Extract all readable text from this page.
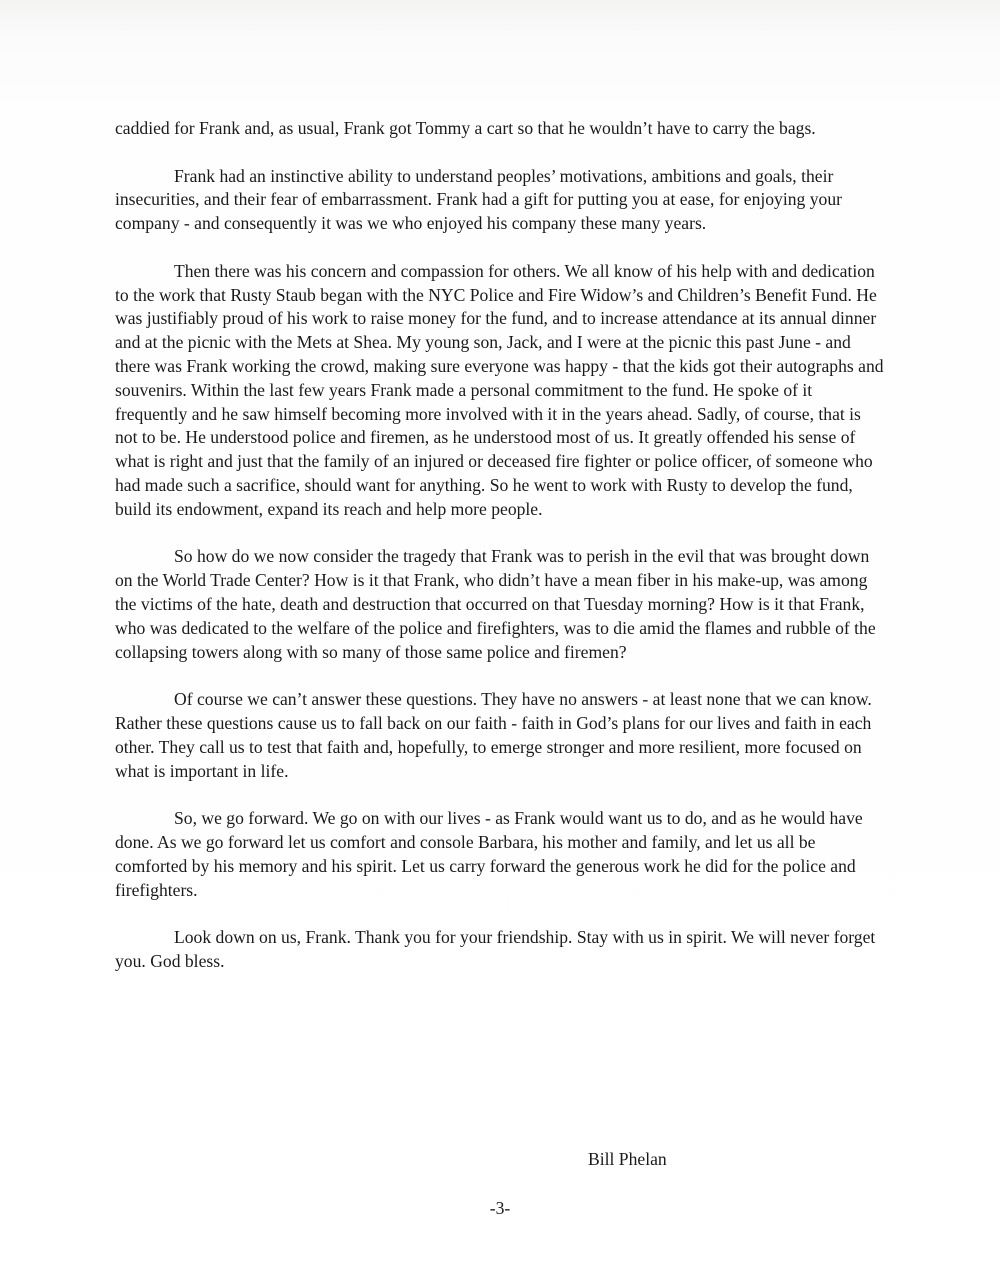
caddied for Frank and, as usual, Frank got Tommy a cart so that he wouldn’t have to carry the bags.

Frank had an instinctive ability to understand peoples’ motivations, ambitions and goals, their insecurities, and their fear of embarrassment. Frank had a gift for putting you at ease, for enjoying your company - and consequently it was we who enjoyed his company these many years.

Then there was his concern and compassion for others. We all know of his help with and dedication to the work that Rusty Staub began with the NYC Police and Fire Widow’s and Children’s Benefit Fund. He was justifiably proud of his work to raise money for the fund, and to increase attendance at its annual dinner and at the picnic with the Mets at Shea. My young son, Jack, and I were at the picnic this past June - and there was Frank working the crowd, making sure everyone was happy - that the kids got their autographs and souvenirs. Within the last few years Frank made a personal commitment to the fund. He spoke of it frequently and he saw himself becoming more involved with it in the years ahead. Sadly, of course, that is not to be. He understood police and firemen, as he understood most of us. It greatly offended his sense of what is right and just that the family of an injured or deceased fire fighter or police officer, of someone who had made such a sacrifice, should want for anything. So he went to work with Rusty to develop the fund, build its endowment, expand its reach and help more people.

So how do we now consider the tragedy that Frank was to perish in the evil that was brought down on the World Trade Center? How is it that Frank, who didn’t have a mean fiber in his make-up, was among the victims of the hate, death and destruction that occurred on that Tuesday morning? How is it that Frank, who was dedicated to the welfare of the police and firefighters, was to die amid the flames and rubble of the collapsing towers along with so many of those same police and firemen?

Of course we can’t answer these questions. They have no answers - at least none that we can know. Rather these questions cause us to fall back on our faith - faith in God’s plans for our lives and faith in each other. They call us to test that faith and, hopefully, to emerge stronger and more resilient, more focused on what is important in life.

So, we go forward. We go on with our lives - as Frank would want us to do, and as he would have done. As we go forward let us comfort and console Barbara, his mother and family, and let us all be comforted by his memory and his spirit. Let us carry forward the generous work he did for the police and firefighters.

Look down on us, Frank. Thank you for your friendship. Stay with us in spirit. We will never forget you. God bless.

Bill Phelan
-3-
